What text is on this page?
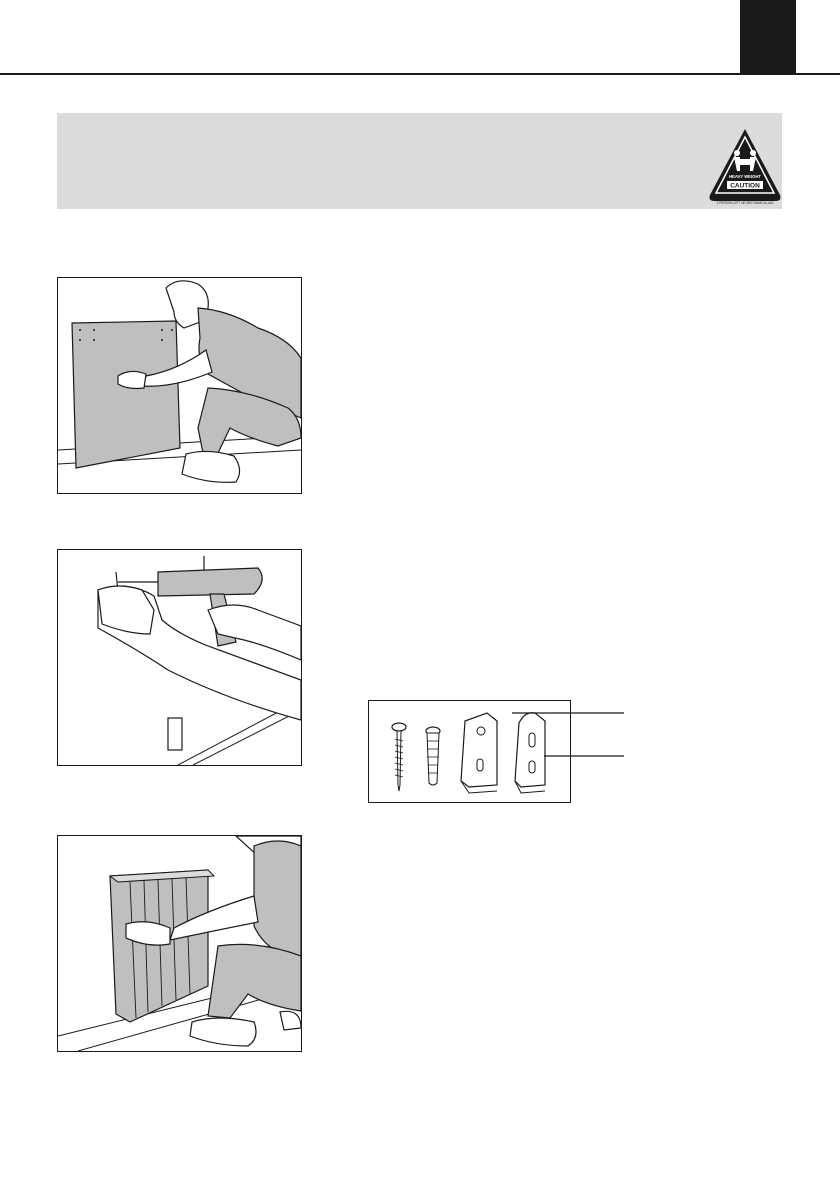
HEAVY WEIGHT
CAUTION
2 PERSON LIFT OR MECHANICAL AID
